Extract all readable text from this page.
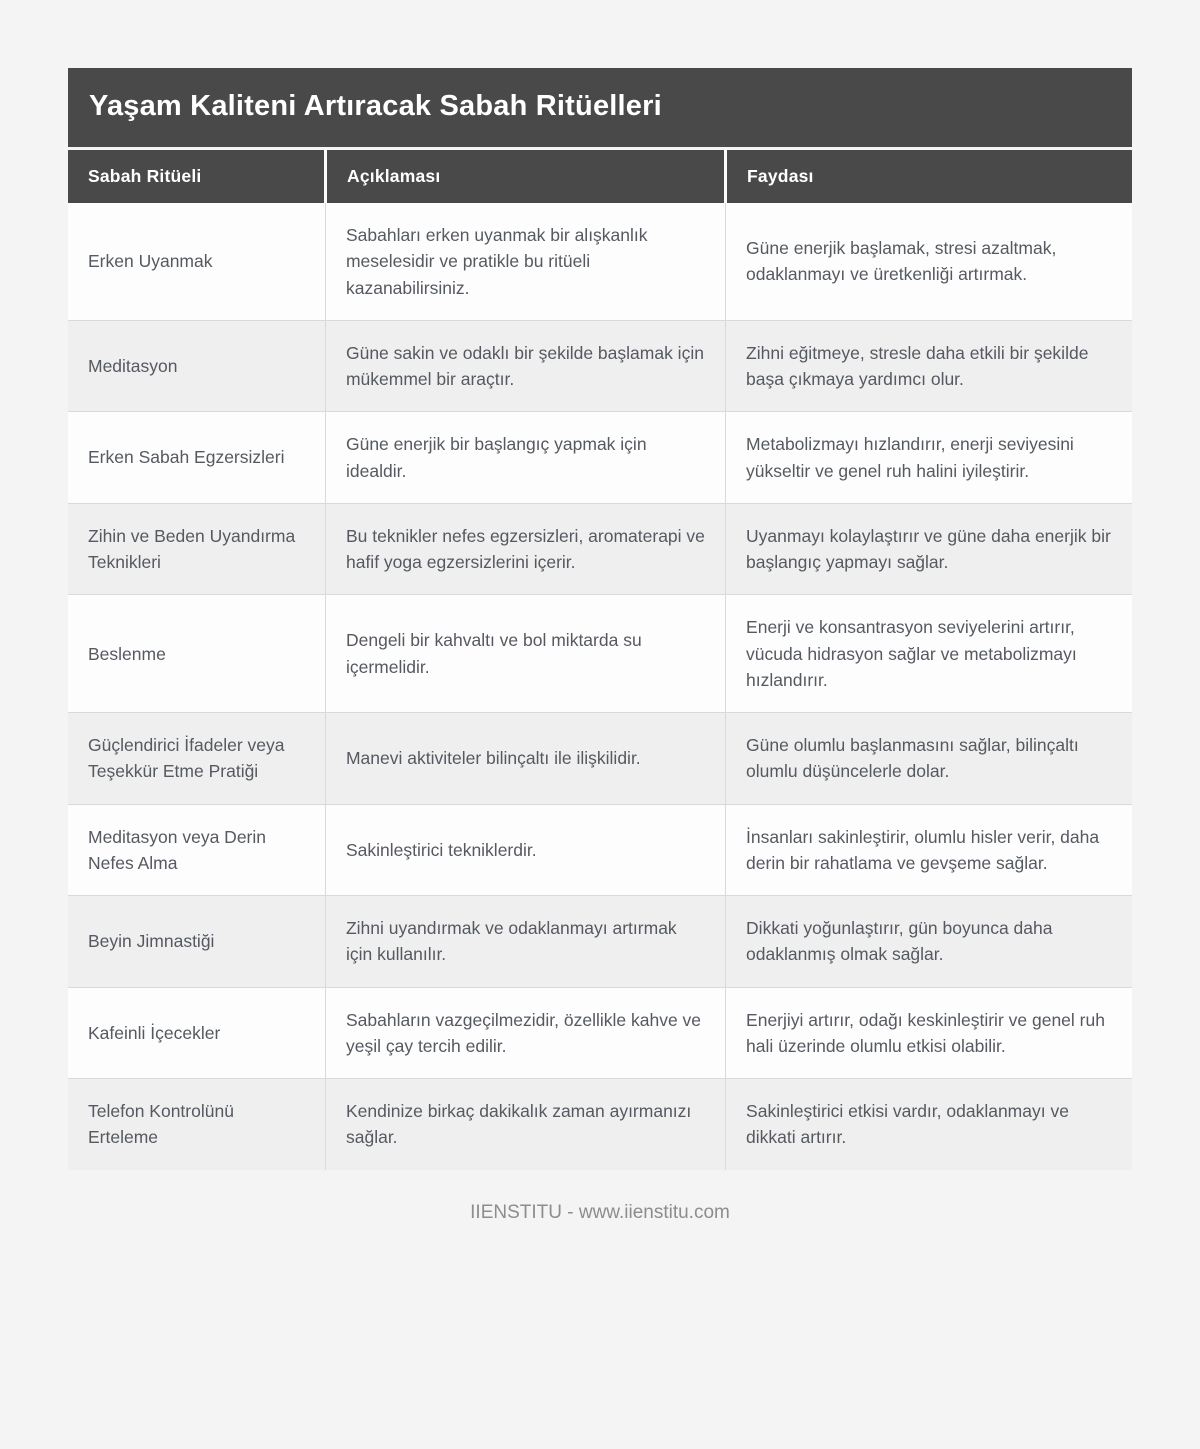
Yaşam Kaliteni Artıracak Sabah Ritüelleri
Sabah Ritüeli	Açıklaması	Faydası
Erken Uyanmak	Sabahları erken uyanmak bir alışkanlık meselesidir ve pratikle bu ritüeli kazanabilirsiniz.	Güne enerjik başlamak, stresi azaltmak, odaklanmayı ve üretkenliği artırmak.
Meditasyon	Güne sakin ve odaklı bir şekilde başlamak için mükemmel bir araçtır.	Zihni eğitmeye, stresle daha etkili bir şekilde başa çıkmaya yardımcı olur.
Erken Sabah Egzersizleri	Güne enerjik bir başlangıç yapmak için idealdir.	Metabolizmayı hızlandırır, enerji seviyesini yükseltir ve genel ruh halini iyileştirir.
Zihin ve Beden Uyandırma Teknikleri	Bu teknikler nefes egzersizleri, aromaterapi ve hafif yoga egzersizlerini içerir.	Uyanmayı kolaylaştırır ve güne daha enerjik bir başlangıç yapmayı sağlar.
Beslenme	Dengeli bir kahvaltı ve bol miktarda su içermelidir.	Enerji ve konsantrasyon seviyelerini artırır, vücuda hidrasyon sağlar ve metabolizmayı hızlandırır.
Güçlendirici İfadeler veya Teşekkür Etme Pratiği	Manevi aktiviteler bilinçaltı ile ilişkilidir.	Güne olumlu başlanmasını sağlar, bilinçaltı olumlu düşüncelerle dolar.
Meditasyon veya Derin Nefes Alma	Sakinleştirici tekniklerdir.	İnsanları sakinleştirir, olumlu hisler verir, daha derin bir rahatlama ve gevşeme sağlar.
Beyin Jimnastiği	Zihni uyandırmak ve odaklanmayı artırmak için kullanılır.	Dikkati yoğunlaştırır, gün boyunca daha odaklanmış olmak sağlar.
Kafeinli İçecekler	Sabahların vazgeçilmezidir, özellikle kahve ve yeşil çay tercih edilir.	Enerjiyi artırır, odağı keskinleştirir ve genel ruh hali üzerinde olumlu etkisi olabilir.
Telefon Kontrolünü Erteleme	Kendinize birkaç dakikalık zaman ayırmanızı sağlar.	Sakinleştirici etkisi vardır, odaklanmayı ve dikkati artırır.
IIENSTITU - www.iienstitu.com
